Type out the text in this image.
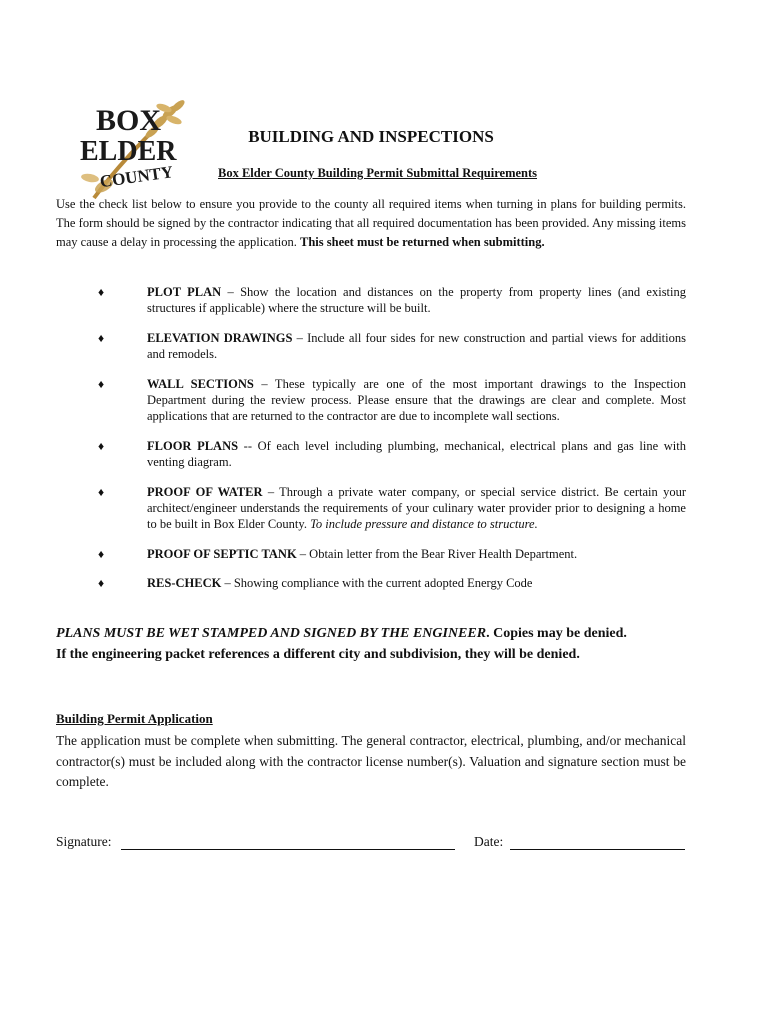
BOX
ELDER
COUNTY
BUILDING AND INSPECTIONS
Box Elder County Building Permit Submittal Requirements
Use the check list below to ensure you provide to the county all required items when turning in plans for building permits. The form should be signed by the contractor indicating that all required documentation has been provided. Any missing items may cause a delay in processing the application. This sheet must be returned when submitting.
♦	PLOT PLAN – Show the location and distances on the property from property lines (and existing structures if applicable) where the structure will be built.
♦	ELEVATION DRAWINGS – Include all four sides for new construction and partial views for additions and remodels.
♦	WALL SECTIONS – These typically are one of the most important drawings to the Inspection Department during the review process. Please ensure that the drawings are clear and complete. Most applications that are returned to the contractor are due to incomplete wall sections.
♦	FLOOR PLANS -- Of each level including plumbing, mechanical, electrical plans and gas line with venting diagram.
♦	PROOF OF WATER – Through a private water company, or special service district. Be certain your architect/engineer understands the requirements of your culinary water provider prior to designing a home to be built in Box Elder County. To include pressure and distance to structure.
♦	PROOF OF SEPTIC TANK – Obtain letter from the Bear River Health Department.
♦	RES-CHECK – Showing compliance with the current adopted Energy Code
PLANS MUST BE WET STAMPED AND SIGNED BY THE ENGINEER. Copies may be denied.
If the engineering packet references a different city and subdivision, they will be denied.
Building Permit Application
The application must be complete when submitting. The general contractor, electrical, plumbing, and/or mechanical contractor(s) must be included along with the contractor license number(s). Valuation and signature section must be complete.
Signature:	Date:
